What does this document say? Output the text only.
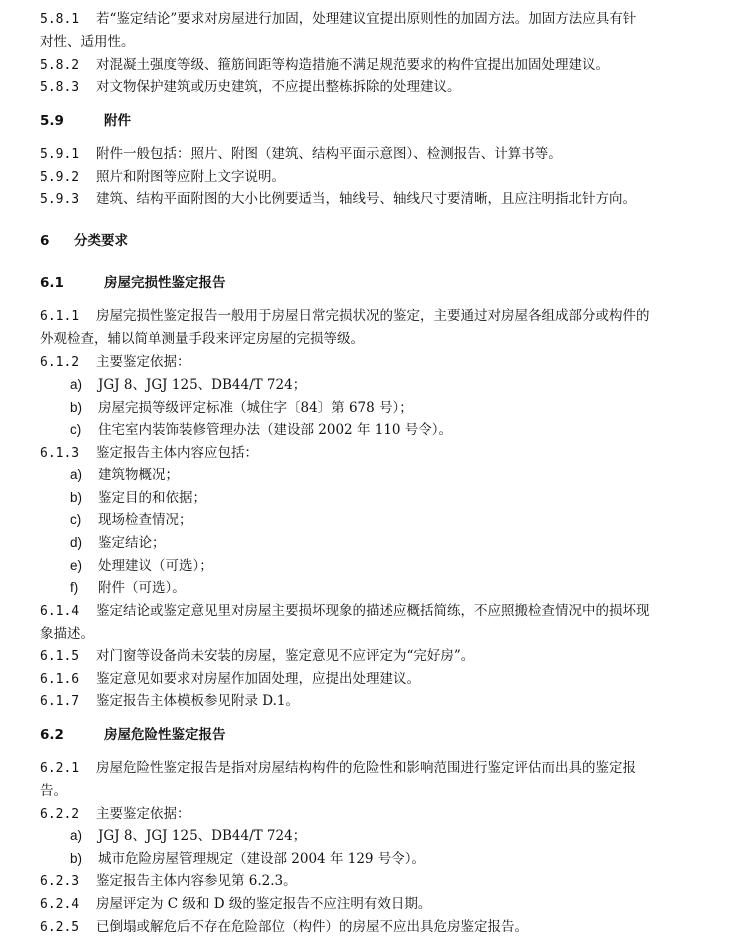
5.8.1 若“鉴定结论”要求对房屋进行加固，处理建议宜提出原则性的加固方法。加固方法应具有针
对性、适用性。
5.8.2 对混凝土强度等级、箍筋间距等构造措施不满足规范要求的构件宜提出加固处理建议。
5.8.3 对文物保护建筑或历史建筑，不应提出整栋拆除的处理建议。
5.9	附件
5.9.1 附件一般包括：照片、附图（建筑、结构平面示意图）、检测报告、计算书等。
5.9.2 照片和附图等应附上文字说明。
5.9.3 建筑、结构平面附图的大小比例要适当，轴线号、轴线尺寸要清晰，且应注明指北针方向。
6 分类要求
6.1	房屋完损性鉴定报告
6.1.1 房屋完损性鉴定报告一般用于房屋日常完损状况的鉴定，主要通过对房屋各组成部分或构件的
外观检查，辅以简单测量手段来评定房屋的完损等级。
6.1.2 主要鉴定依据：
a) JGJ 8、JGJ 125、DB44/T 724；
b) 房屋完损等级评定标准（城住字〔84〕第 678 号）；
c) 住宅室内装饰装修管理办法（建设部 2002 年 110 号令）。
6.1.3 鉴定报告主体内容应包括：
a) 建筑物概况；
b) 鉴定目的和依据；
c) 现场检查情况；
d) 鉴定结论；
e) 处理建议（可选）；
f) 附件（可选）。
6.1.4 鉴定结论或鉴定意见里对房屋主要损坏现象的描述应概括简练，不应照搬检查情况中的损坏现
象描述。
6.1.5 对门窗等设备尚未安装的房屋，鉴定意见不应评定为“完好房”。
6.1.6 鉴定意见如要求对房屋作加固处理，应提出处理建议。
6.1.7 鉴定报告主体模板参见附录 D.1。
6.2	房屋危险性鉴定报告
6.2.1 房屋危险性鉴定报告是指对房屋结构构件的危险性和影响范围进行鉴定评估而出具的鉴定报
告。
6.2.2 主要鉴定依据：
a) JGJ 8、JGJ 125、DB44/T 724；
b) 城市危险房屋管理规定（建设部 2004 年 129 号令）。
6.2.3 鉴定报告主体内容参见第 6.2.3。
6.2.4 房屋评定为 C 级和 D 级的鉴定报告不应注明有效日期。
6.2.5 已倒塌或解危后不存在危险部位（构件）的房屋不应出具危房鉴定报告。
